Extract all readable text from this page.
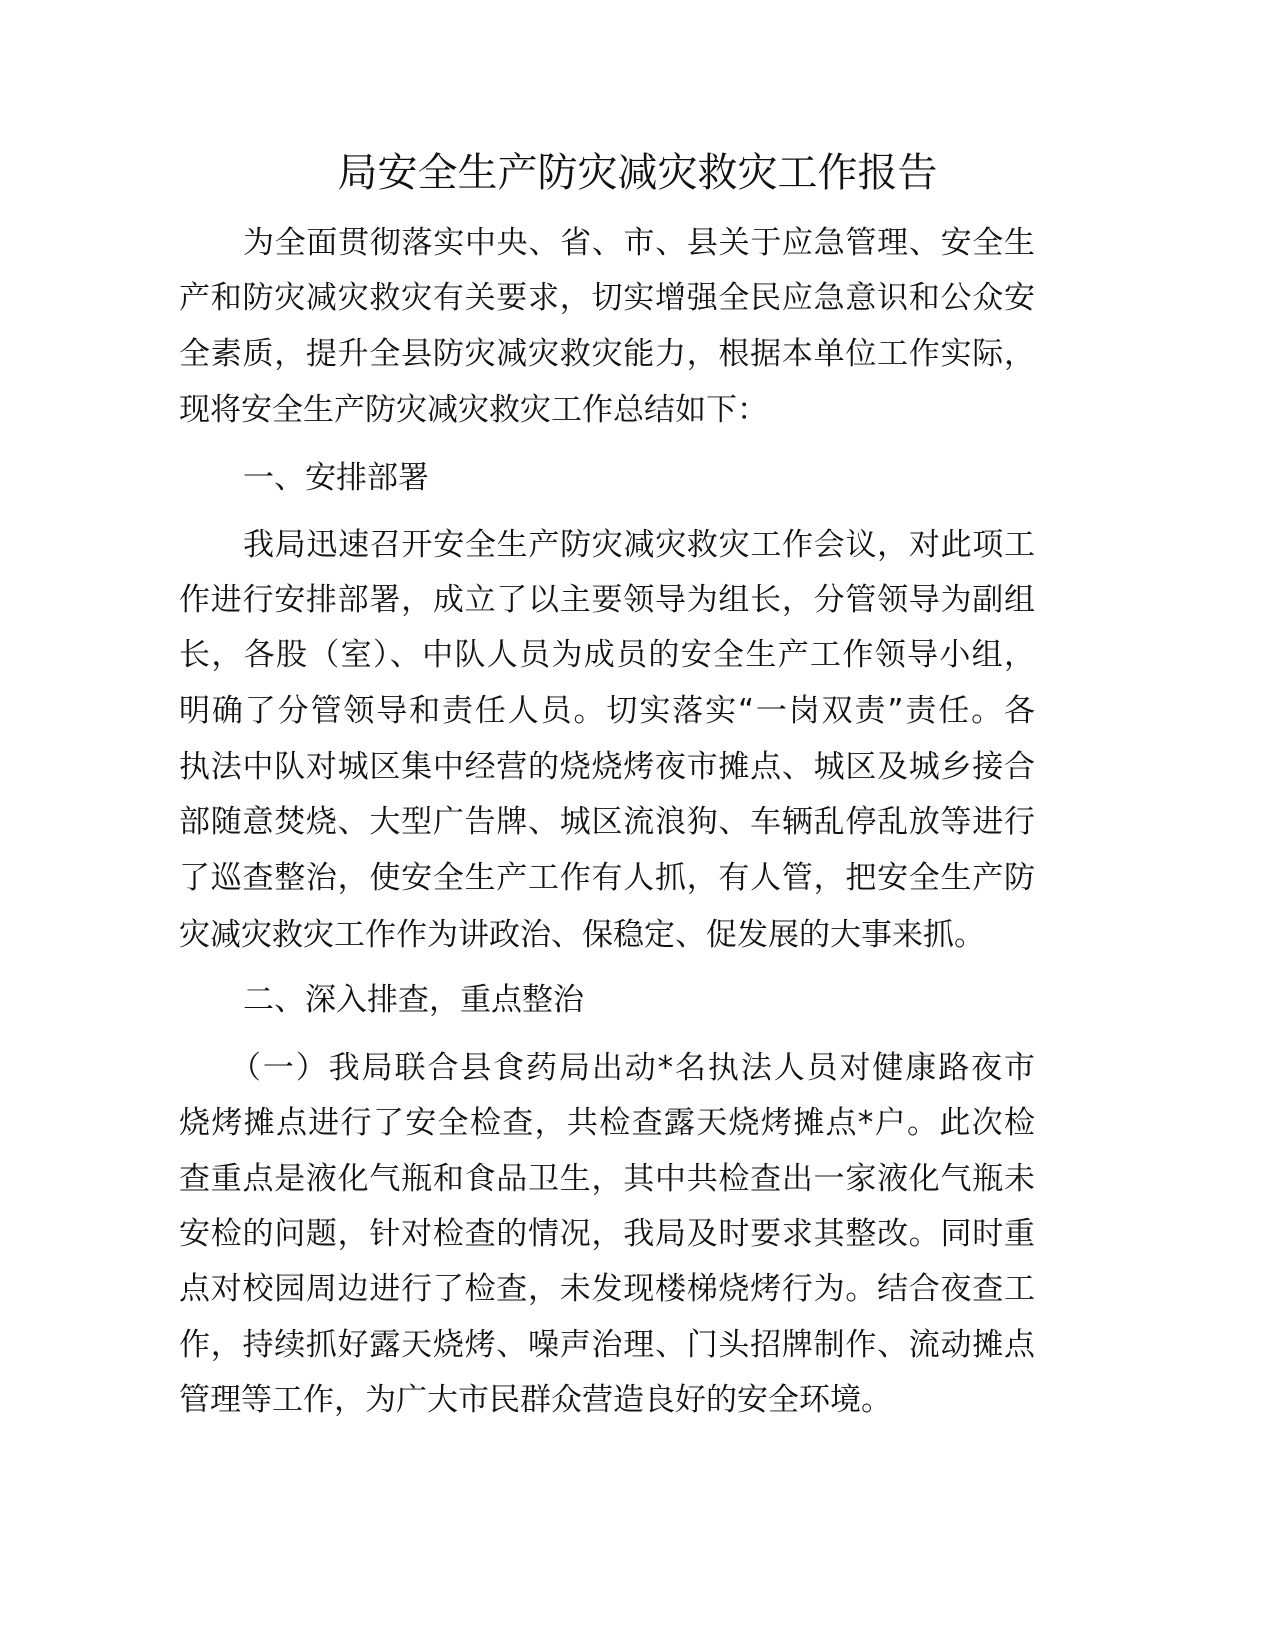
局安全生产防灾减灾救灾工作报告
为全面贯彻落实中央、省、市、县关于应急管理、安全生
产和防灾减灾救灾有关要求，切实增强全民应急意识和公众安
全素质，提升全县防灾减灾救灾能力，根据本单位工作实际，
现将安全生产防灾减灾救灾工作总结如下：
一、安排部署
我局迅速召开安全生产防灾减灾救灾工作会议，对此项工
作进行安排部署，成立了以主要领导为组长，分管领导为副组
长，各股（室）、中队人员为成员的安全生产工作领导小组，
明确了分管领导和责任人员。切实落实“一岗双责”责任。各
执法中队对城区集中经营的烧烧烤夜市摊点、城区及城乡接合
部随意焚烧、大型广告牌、城区流浪狗、车辆乱停乱放等进行
了巡查整治，使安全生产工作有人抓，有人管，把安全生产防
灾减灾救灾工作作为讲政治、保稳定、促发展的大事来抓。
二、深入排查，重点整治
（一）我局联合县食药局出动*名执法人员对健康路夜市
烧烤摊点进行了安全检查，共检查露天烧烤摊点*户。此次检
查重点是液化气瓶和食品卫生，其中共检查出一家液化气瓶未
安检的问题，针对检查的情况，我局及时要求其整改。同时重
点对校园周边进行了检查，未发现楼梯烧烤行为。结合夜查工
作，持续抓好露天烧烤、噪声治理、门头招牌制作、流动摊点
管理等工作，为广大市民群众营造良好的安全环境。
